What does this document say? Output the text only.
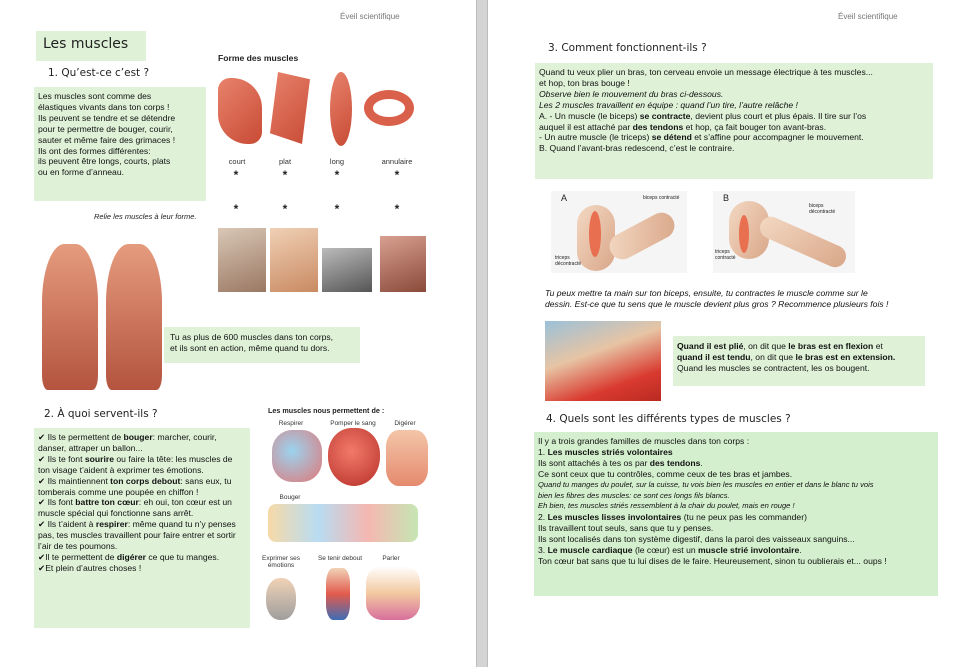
Éveil scientifique
Les muscles
1. Qu’est-ce c’est ?

Les muscles sont comme des

élastiques vivants dans ton corps !

Ils peuvent se tendre et se détendre

pour te permettre de bouger, courir,

sauter et même faire des grimaces !

Ils ont des formes différentes:

ils peuvent être longs, courts, plats

ou en forme d’anneau.

Forme des muscles
court	plat	long	annulaire
*	*	*	*
*	*	*	*
Relie les muscles à leur forme.

Tu as plus de 600 muscles dans ton corps,

et ils sont en action, même quand tu dors.

2. À quoi servent-ils ?

✔ Ils te permettent de bouger: marcher, courir, danser, attraper un ballon...

✔ Ils te font sourire ou faire la tête: les muscles de ton visage t’aident à exprimer tes émotions.

✔ Ils maintiennent ton corps debout: sans eux, tu tomberais comme une poupée en chiffon !

✔ Ils font battre ton cœur: eh oui, ton cœur est un muscle spécial qui fonctionne sans arrêt.

✔ Ils t’aident à respirer: même quand tu n’y penses pas, tes muscles travaillent pour faire entrer et sortir l’air de tes poumons.

✔Il te permettent de digérer ce que tu manges.

✔Et plein d’autres choses !

Les muscles nous permettent de :
Respirer	Pomper le sang	Digérer
Bouger
Exprimer ses émotions
Se tenir debout	Parler
Éveil scientifique
3. Comment fonctionnent-ils ?

Quand tu veux plier un bras, ton cerveau envoie un message électrique à tes muscles...

et hop, ton bras bouge !

Observe bien le mouvement du bras ci-dessous.

Les 2 muscles travaillent en équipe : quand l’un tire, l’autre relâche !

A. - Un muscle (le biceps) se contracte, devient plus court et plus épais. Il tire sur l’os

auquel il est attaché par des tendons et hop, ça fait bouger ton avant-bras.

- Un autre muscle (le triceps) se détend et s’affine pour accompagner le mouvement.

B. Quand l’avant-bras redescend, c’est le contraire.

A	biceps contracté
triceps décontracté
B
biceps décontracté
triceps contracté

Tu peux mettre ta main sur ton biceps, ensuite, tu contractes le muscle comme sur le

dessin. Est-ce que tu sens que le muscle devient plus gros ? Recommence plusieurs fois !

Quand il est plié, on dit que le bras est en flexion et

quand il est tendu, on dit que le bras est en extension.

Quand les muscles se contractent, les os bougent.

4. Quels sont les différents types de muscles ?

Il y a trois grandes familles de muscles dans ton corps :

1. Les muscles striés volontaires

Ils sont attachés à tes os par des tendons.

Ce sont ceux que tu contrôles, comme ceux de tes bras et jambes.

Quand tu manges du poulet, sur la cuisse, tu vois bien les muscles en entier et dans le blanc tu vois

bien les fibres des muscles: ce sont ces longs fils blancs.

Eh bien, tes muscles striés ressemblent à la chair du poulet, mais en rouge !

2. Les muscles lisses involontaires (tu ne peux pas les commander)

Ils travaillent tout seuls, sans que tu y penses.

Ils sont localisés dans ton système digestif, dans la paroi des vaisseaux sanguins...

3. Le muscle cardiaque (le cœur) est un muscle strié involontaire.

Ton cœur bat sans que tu lui dises de le faire. Heureusement, sinon tu oublierais et... oups !
